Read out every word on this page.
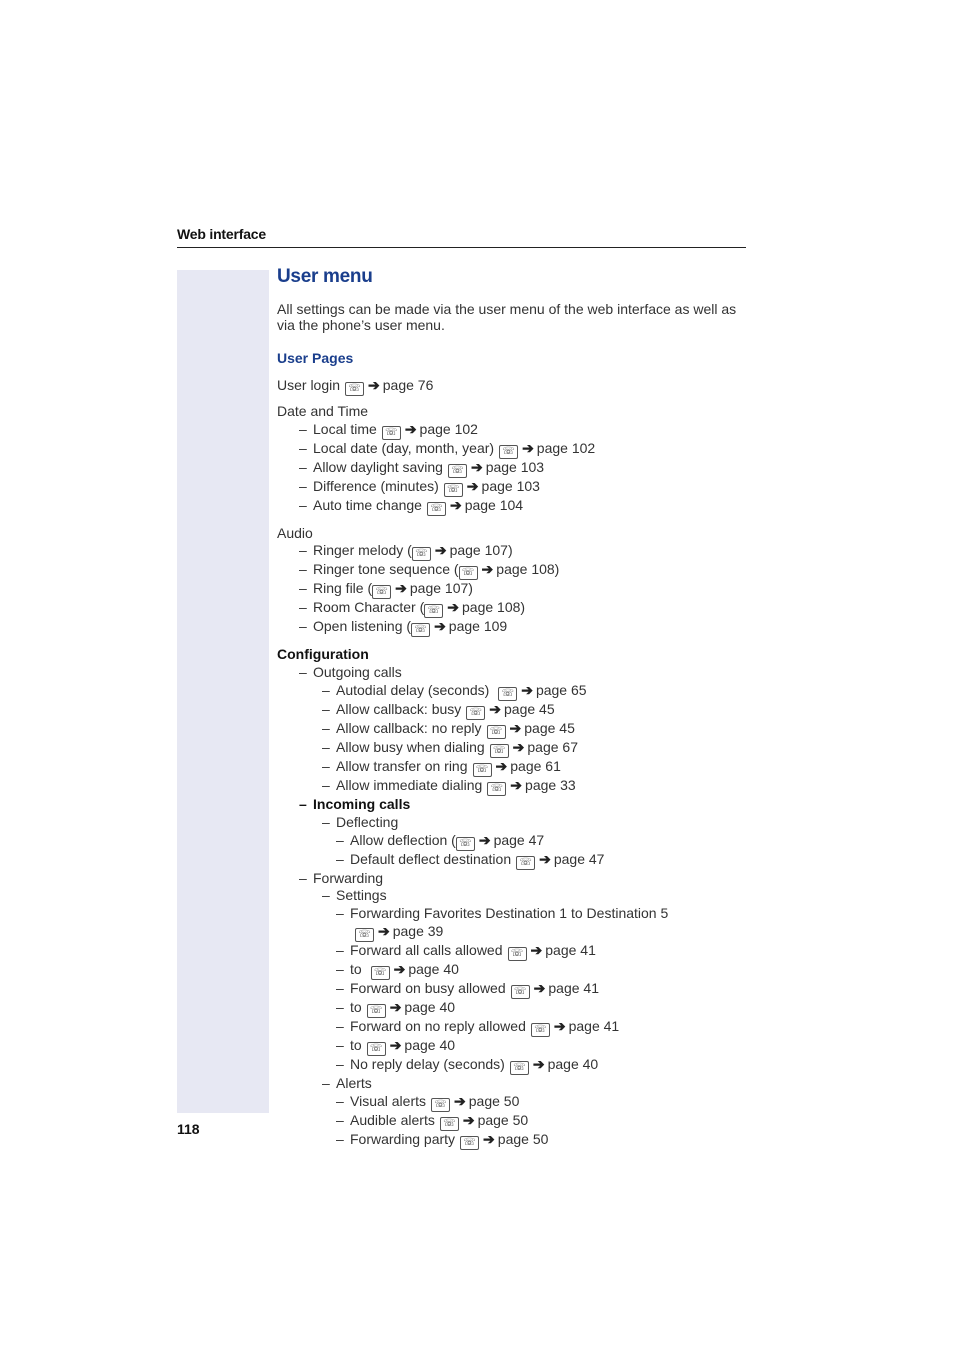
Web interface
User menu
All settings can be made via the user menu of the web interface as well as via the phone’s user menu.
User Pages
User login ☏ ➔ page 76
Date and Time
– Local time ☏ ➔ page 102
– Local date (day, month, year) ☏ ➔ page 102
– Allow daylight saving ☏ ➔ page 103
– Difference (minutes) ☏ ➔ page 103
– Auto time change ☏ ➔ page 104
Audio
– Ringer melody ( ☏ ➔ page 107)
– Ringer tone sequence ( ☏ ➔ page 108)
– Ring file ( ☏ ➔ page 107)
– Room Character ( ☏ ➔ page 108)
– Open listening ( ☏ ➔ page 109
Configuration
– Outgoing calls
– Autodial delay (seconds) ☏ ➔ page 65
– Allow callback: busy ☏ ➔ page 45
– Allow callback: no reply ☏ ➔ page 45
– Allow busy when dialing ☏ ➔ page 67
– Allow transfer on ring ☏ ➔ page 61
– Allow immediate dialing ☏ ➔ page 33
– Incoming calls
– Deflecting
– Allow deflection ( ☏ ➔ page 47
– Default deflect destination ☏ ➔ page 47
– Forwarding
– Settings
– Forwarding Favorites Destination 1 to Destination 5
☏ ➔ page 39
– Forward all calls allowed ☏ ➔ page 41
– to ☏ ➔ page 40
– Forward on busy allowed ☏ ➔ page 41
– to ☏ ➔ page 40
– Forward on no reply allowed ☏ ➔ page 41
– to ☏ ➔ page 40
– No reply delay (seconds) ☏ ➔ page 40
– Alerts
– Visual alerts ☏ ➔ page 50
– Audible alerts ☏ ➔ page 50
– Forwarding party ☏ ➔ page 50
118
